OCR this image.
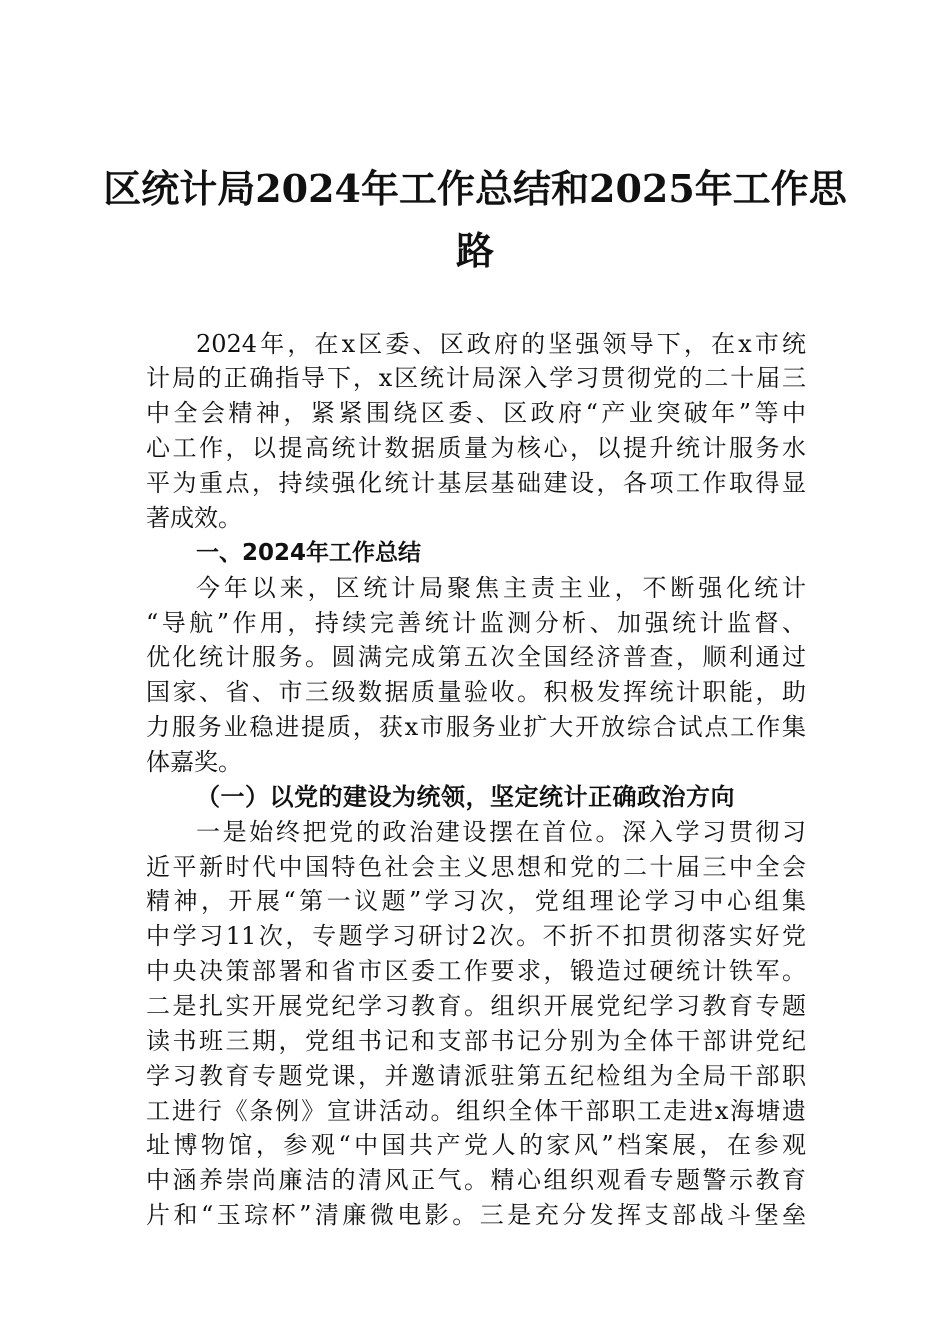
区统计局2024年工作总结和2025年工作思
路

2024年，在x区委、区政府的坚强领导下，在x市统

计局的正确指导下，x区统计局深入学习贯彻党的二十届三

中全会精神，紧紧围绕区委、区政府“产业突破年”等中

心工作，以提高统计数据质量为核心，以提升统计服务水

平为重点，持续强化统计基层基础建设，各项工作取得显

著成效。

一、2024年工作总结

今年以来，区统计局聚焦主责主业，不断强化统计

“导航”作用，持续完善统计监测分析、加强统计监督、

优化统计服务。圆满完成第五次全国经济普查，顺利通过

国家、省、市三级数据质量验收。积极发挥统计职能，助

力服务业稳进提质，获x市服务业扩大开放综合试点工作集

体嘉奖。

（一）以党的建设为统领，坚定统计正确政治方向

一是始终把党的政治建设摆在首位。深入学习贯彻习

近平新时代中国特色社会主义思想和党的二十届三中全会

精神，开展“第一议题”学习次，党组理论学习中心组集

中学习11次，专题学习研讨2次。不折不扣贯彻落实好党

中央决策部署和省市区委工作要求，锻造过硬统计铁军。

二是扎实开展党纪学习教育。组织开展党纪学习教育专题

读书班三期，党组书记和支部书记分别为全体干部讲党纪

学习教育专题党课，并邀请派驻第五纪检组为全局干部职

工进行《条例》宣讲活动。组织全体干部职工走进x海塘遗

址博物馆，参观“中国共产党人的家风”档案展，在参观

中涵养崇尚廉洁的清风正气。精心组织观看专题警示教育

片和“玉琮杯”清廉微电影。三是充分发挥支部战斗堡垒
